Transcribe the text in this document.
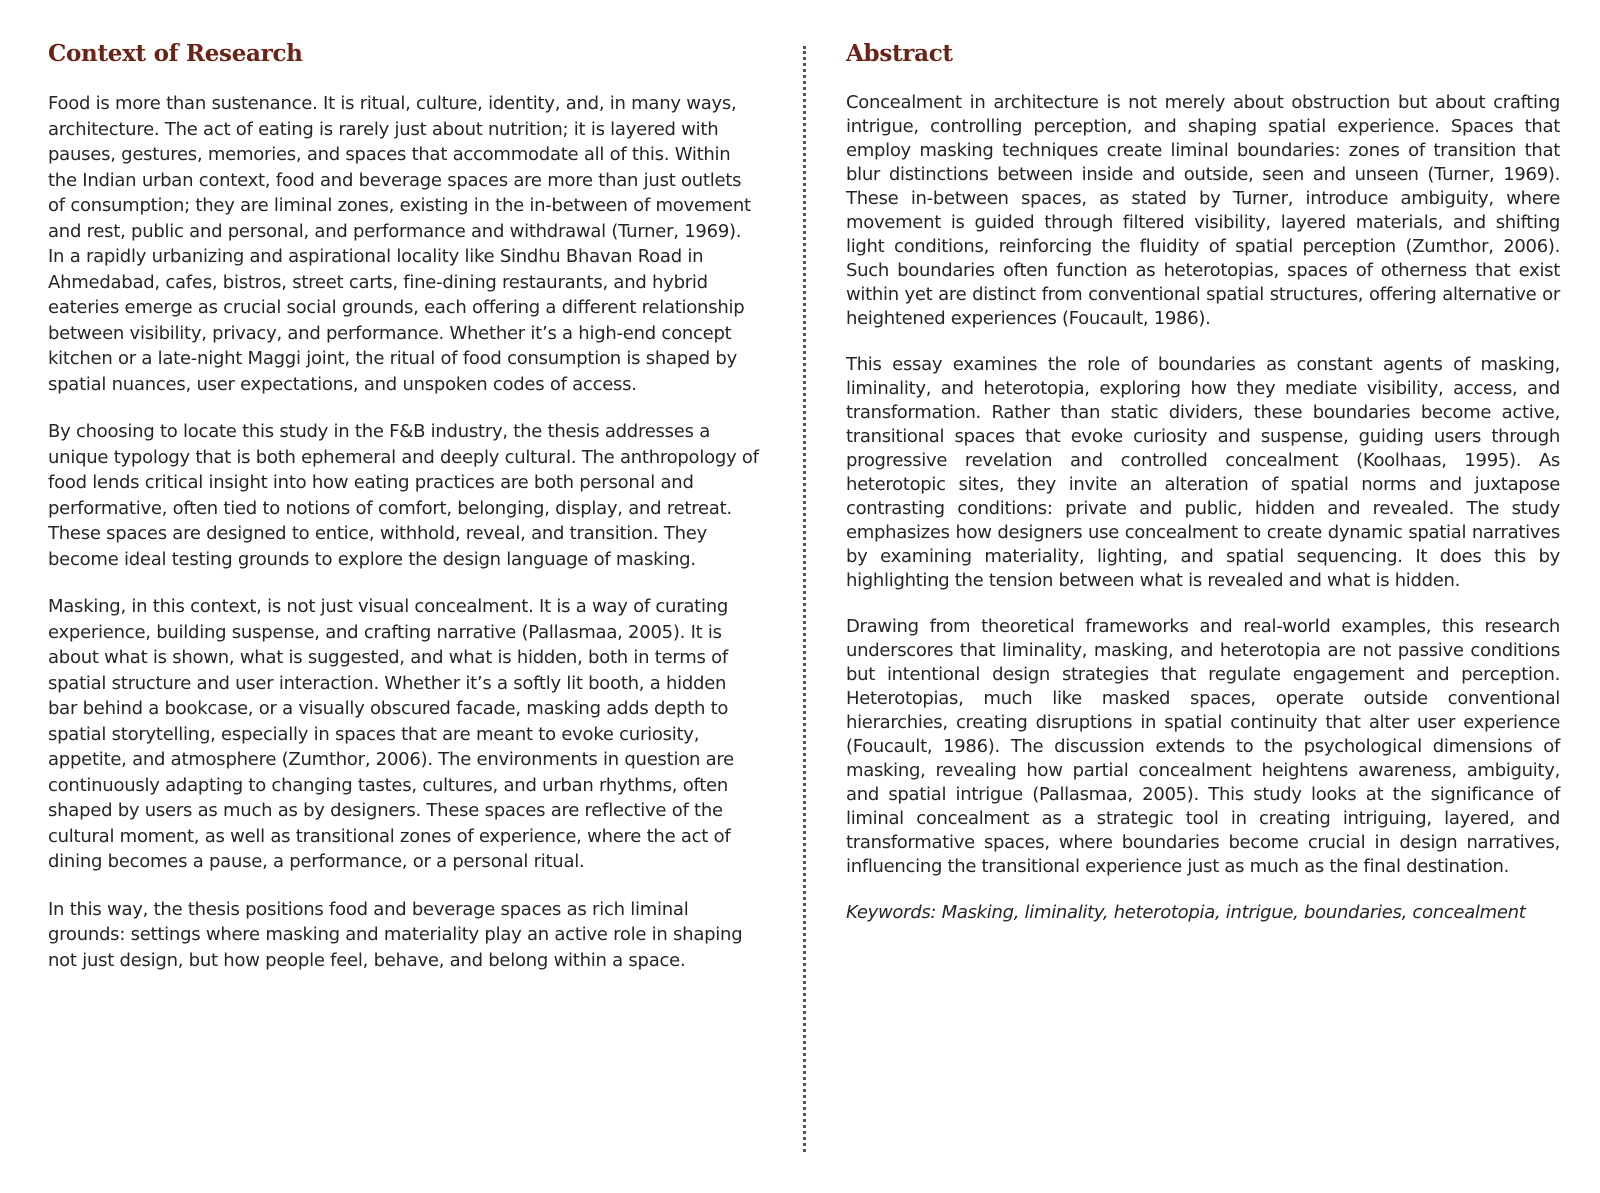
Context of Research

Food is more than sustenance. It is ritual, culture, identity, and, in many ways, architecture. The act of eating is rarely just about nutrition; it is layered with pauses, gestures, memories, and spaces that accommodate all of this. Within the Indian urban context, food and beverage spaces are more than just outlets of consumption; they are liminal zones, existing in the in-between of movement and rest, public and personal, and performance and withdrawal (Turner, 1969). In a rapidly urbanizing and aspirational locality like Sindhu Bhavan Road in Ahmedabad, cafes, bistros, street carts, fine-dining restaurants, and hybrid eateries emerge as crucial social grounds, each offering a different relationship between visibility, privacy, and performance. Whether it’s a high-end concept kitchen or a late-night Maggi joint, the ritual of food consumption is shaped by spatial nuances, user expectations, and unspoken codes of access.

By choosing to locate this study in the F&B industry, the thesis addresses a unique typology that is both ephemeral and deeply cultural. The anthropology of food lends critical insight into how eating practices are both personal and performative, often tied to notions of comfort, belonging, display, and retreat. These spaces are designed to entice, withhold, reveal, and transition. They become ideal testing grounds to explore the design language of masking.

Masking, in this context, is not just visual concealment. It is a way of curating experience, building suspense, and crafting narrative (Pallasmaa, 2005). It is about what is shown, what is suggested, and what is hidden, both in terms of spatial structure and user interaction. Whether it’s a softly lit booth, a hidden bar behind a bookcase, or a visually obscured facade, masking adds depth to spatial storytelling, especially in spaces that are meant to evoke curiosity, appetite, and atmosphere (Zumthor, 2006). The environments in question are continuously adapting to changing tastes, cultures, and urban rhythms, often shaped by users as much as by designers. These spaces are reflective of the cultural moment, as well as transitional zones of experience, where the act of dining becomes a pause, a performance, or a personal ritual.

In this way, the thesis positions food and beverage spaces as rich liminal grounds: settings where masking and materiality play an active role in shaping not just design, but how people feel, behave, and belong within a space.

Abstract

Concealment in architecture is not merely about obstruction but about crafting intrigue, controlling perception, and shaping spatial experience. Spaces that employ masking techniques create liminal boundaries: zones of transition that blur distinctions between inside and outside, seen and unseen (Turner, 1969). These in-between spaces, as stated by Turner, introduce ambiguity, where movement is guided through filtered visibility, layered materials, and shifting light conditions, reinforcing the fluidity of spatial perception (Zumthor, 2006). Such boundaries often function as heterotopias, spaces of otherness that exist within yet are distinct from conventional spatial structures, offering alternative or heightened experiences (Foucault, 1986).

This essay examines the role of boundaries as constant agents of masking, liminality, and heterotopia, exploring how they mediate visibility, access, and transformation. Rather than static dividers, these boundaries become active, transitional spaces that evoke curiosity and suspense, guiding users through progressive revelation and controlled concealment (Koolhaas, 1995). As heterotopic sites, they invite an alteration of spatial norms and juxtapose contrasting conditions: private and public, hidden and revealed. The study emphasizes how designers use concealment to create dynamic spatial narratives by examining materiality, lighting, and spatial sequencing. It does this by highlighting the tension between what is revealed and what is hidden.

Drawing from theoretical frameworks and real-world examples, this research underscores that liminality, masking, and heterotopia are not passive conditions but intentional design strategies that regulate engagement and perception. Heterotopias, much like masked spaces, operate outside conventional hierarchies, creating disruptions in spatial continuity that alter user experience (Foucault, 1986). The discussion extends to the psychological dimensions of masking, revealing how partial concealment heightens awareness, ambiguity, and spatial intrigue (Pallasmaa, 2005). This study looks at the significance of liminal concealment as a strategic tool in creating intriguing, layered, and transformative spaces, where boundaries become crucial in design narratives, influencing the transitional experience just as much as the final destination.

Keywords: Masking, liminality, heterotopia, intrigue, boundaries, concealment
